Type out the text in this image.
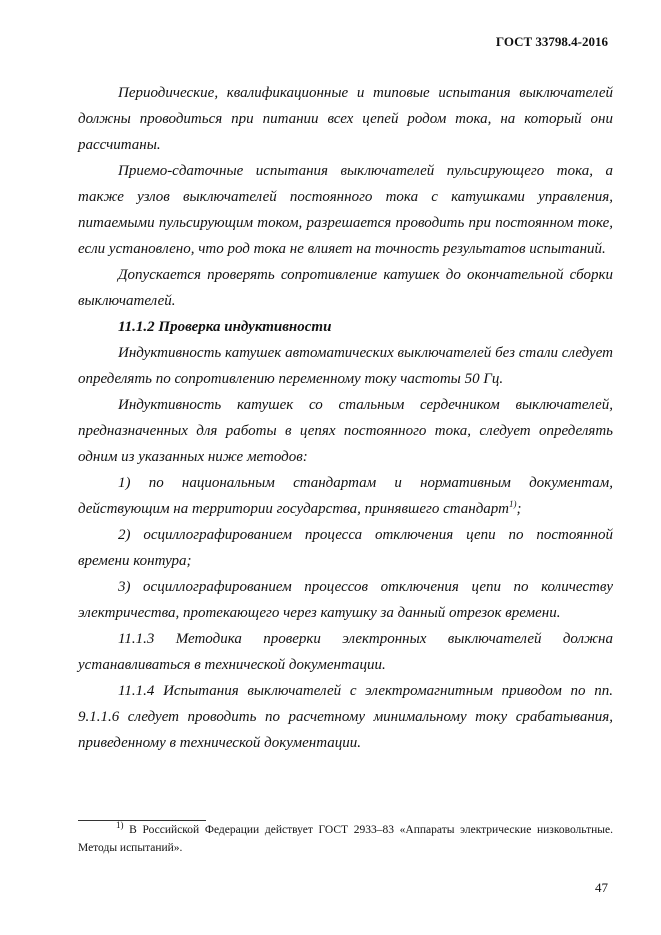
ГОСТ 33798.4-2016

Периодические, квалификационные и типовые испытания выключателей должны проводиться при питании всех цепей родом тока, на который они рассчитаны.

Приемо-сдаточные испытания выключателей пульсирующего тока, а также узлов выключателей постоянного тока с катушками управления, питаемыми пульсирующим током, разрешается проводить при постоянном токе, если установлено, что род тока не влияет на точность результатов испытаний.

Допускается проверять сопротивление катушек до окончательной сборки выключателей.

11.1.2 Проверка индуктивности

Индуктивность катушек автоматических выключателей без стали следует определять по сопротивлению переменному току частоты 50 Гц.

Индуктивность катушек со стальным сердечником выключателей, предназначенных для работы в цепях постоянного тока, следует определять одним из указанных ниже методов:

1) по национальным стандартам и нормативным документам, действующим на территории государства, принявшего стандарт$^{1)}$;

2) осциллографированием процесса отключения цепи по постоянной времени контура;

3) осциллографированием процессов отключения цепи по количеству электричества, протекающего через катушку за данный отрезок времени.

11.1.3 Методика проверки электронных выключателей должна устанавливаться в технической документации.

11.1.4 Испытания выключателей с электромагнитным приводом по пп. 9.1.1.6 следует проводить по расчетному минимальному току срабатывания, приведенному в технической документации.

$^{1)}$ В Российской Федерации действует ГОСТ 2933–83 «Аппараты электрические низковольтные. Методы испытаний».
47
